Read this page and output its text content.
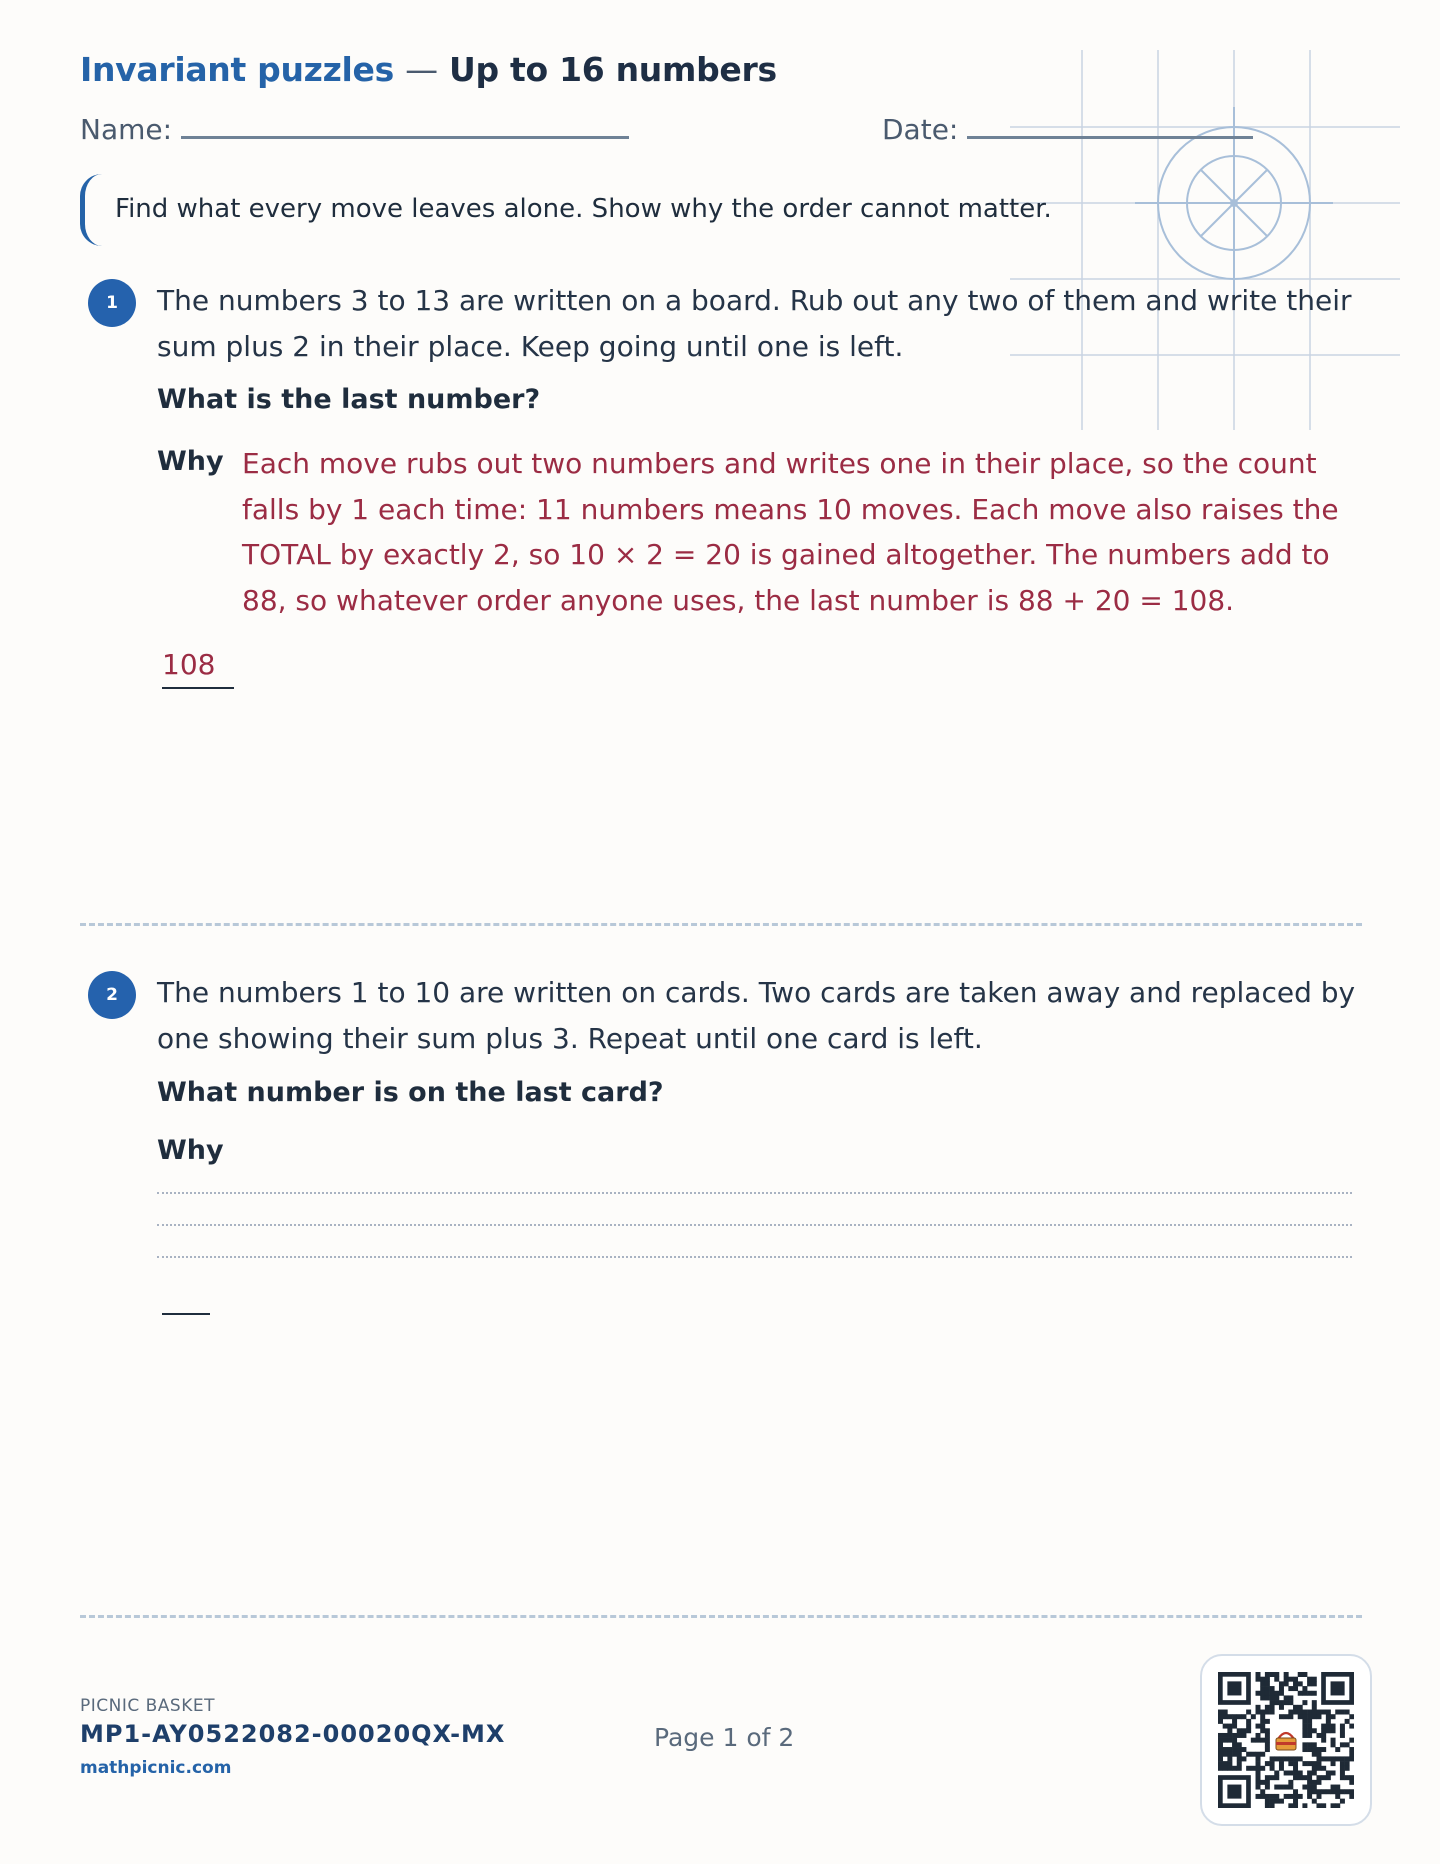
Invariant puzzles — Up to 16 numbers
Name:	Date:
Find what every move leaves alone. Show why the order cannot matter.
1	The numbers 3 to 13 are written on a board. Rub out any two of them and write their sum plus 2 in their place. Keep going until one is left.
What is the last number?
Why Each move rubs out two numbers and writes one in their place, so the count falls by 1 each time: 11 numbers means 10 moves. Each move also raises the TOTAL by exactly 2, so 10 × 2 = 20 is gained altogether. The numbers add to 88, so whatever order anyone uses, the last number is 88 + 20 = 108.
108
2	The numbers 1 to 10 are written on cards. Two cards are taken away and replaced by one showing their sum plus 3. Repeat until one card is left.
What number is on the last card?
Why
PICNIC BASKET
MP1-AY0522082-00020QX-MX
mathpicnic.com
Page 1 of 2
